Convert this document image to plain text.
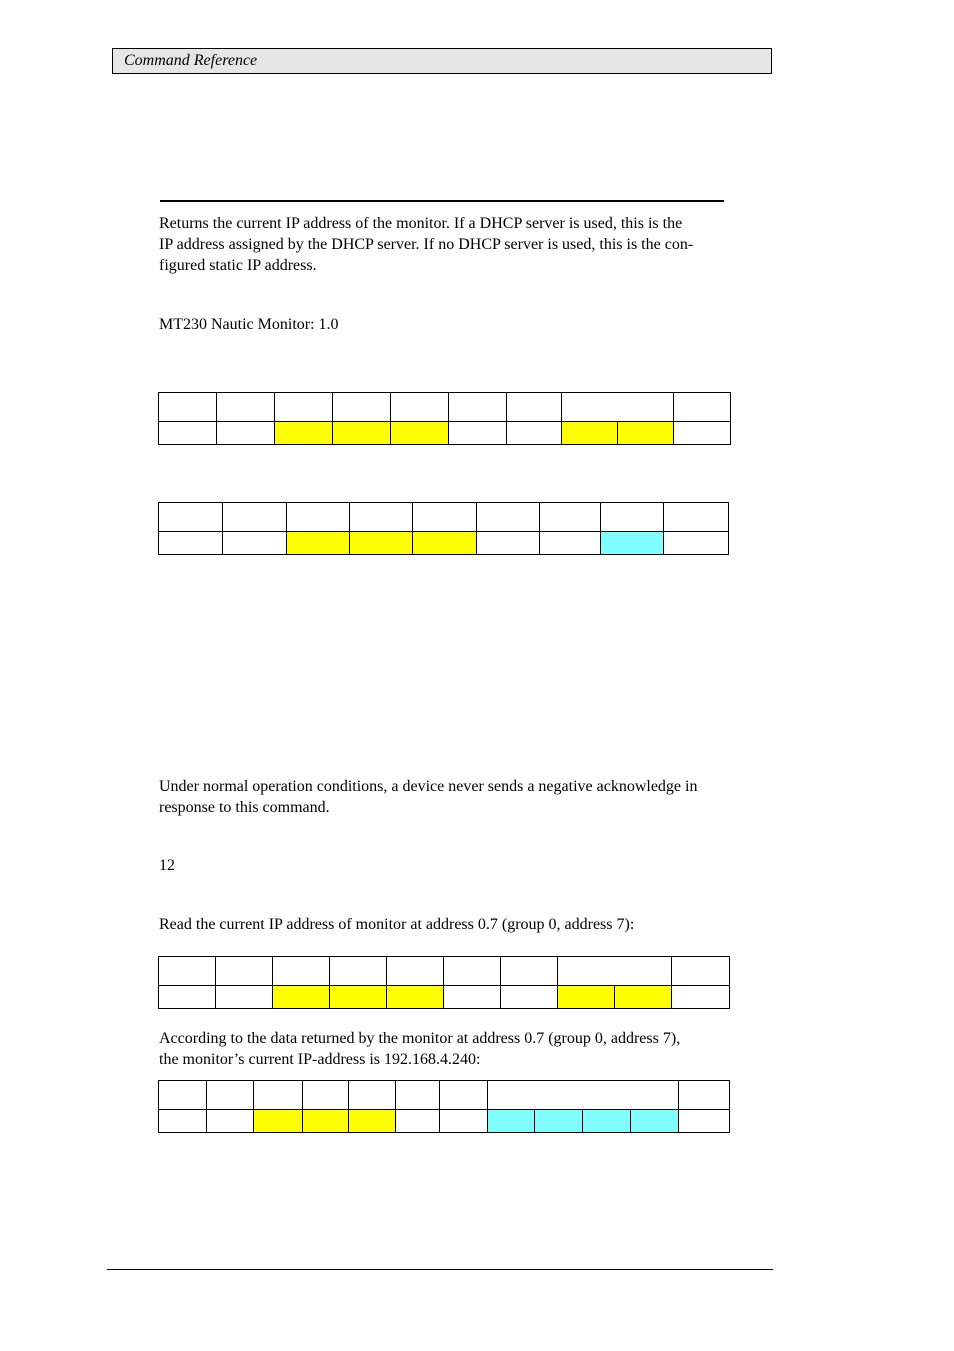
Command Reference

Returns the current IP address of the monitor. If a DHCP server is used, this is the
IP address assigned by the DHCP server. If no DHCP server is used, this is the con-
figured static IP address.

MT230 Nautic Monitor: 1.0

Under normal operation conditions, a device never sends a negative acknowledge in
response to this command.

12

Read the current IP address of monitor at address 0.7 (group 0, address 7):

According to the data returned by the monitor at address 0.7 (group 0, address 7),
the monitor’s current IP-address is 192.168.4.240:
